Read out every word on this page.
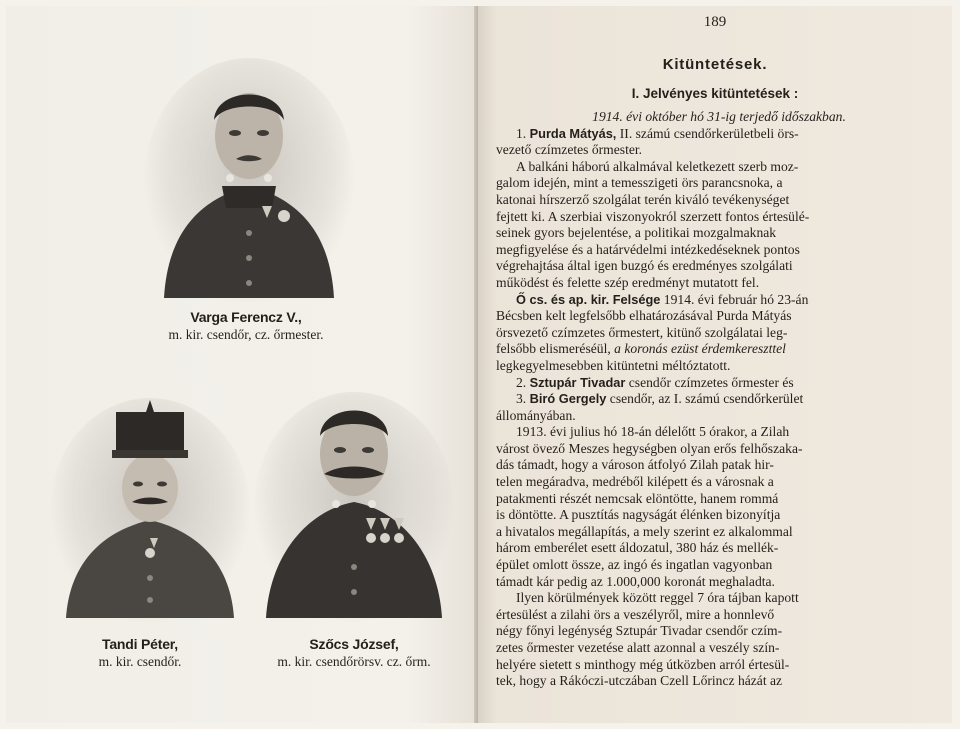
Varga Ferencz V.,
m. kir. csendőr, cz. őrmester.
Tandi Péter,
m. kir. csendőr.
Szőcs József,
m. kir. csendőrörsv. cz. őrm.
189
Kitüntetések.
I. Jelvényes kitüntetések :
1914. évi október hó 31-ig terjedő időszakban.
1. Purda Mátyás, II. számú csendőrkerületbeli örs-
vezető czímzetes őrmester.
A balkáni háború alkalmával keletkezett szerb moz-
galom idején, mint a temesszigeti örs parancsnoka, a
katonai hírszerző szolgálat terén kiváló tevékenységet
fejtett ki. A szerbiai viszonyokról szerzett fontos értesülé-
seinek gyors bejelentése, a politikai mozgalmaknak
megfigyelése és a határvédelmi intézkedéseknek pontos
végrehajtása által igen buzgó és eredményes szolgálati
működést és felette szép eredményt mutatott fel.
Ő cs. és ap. kir. Felsége 1914. évi február hó 23-án
Bécsben kelt legfelsőbb elhatározásával Purda Mátyás
örsvezető czímzetes őrmestert, kitünő szolgálatai leg-
felsőbb elismeréséül, a koronás ezüst érdemkereszttel
legkegyelmesebben kitüntetni méltóztatott.
2. Sztupár Tivadar csendőr czímzetes őrmester és
3. Biró Gergely csendőr, az I. számú csendőrkerület
állományában.
1913. évi julius hó 18-án délelőtt 5 órakor, a Zilah
várost övező Meszes hegységben olyan erős felhőszaka-
dás támadt, hogy a városon átfolyó Zilah patak hir-
telen megáradva, medréből kilépett és a városnak a
patakmenti részét nemcsak elöntötte, hanem rommá
is döntötte. A pusztítás nagyságát élénken bizonyítja
a hivatalos megállapítás, a mely szerint ez alkalommal
három emberélet esett áldozatul, 380 ház és mellék-
épület omlott össze, az ingó és ingatlan vagyonban
támadt kár pedig az 1.000,000 koronát meghaladta.
Ilyen körülmények között reggel 7 óra tájban kapott
értesülést a zilahi örs a veszélyről, mire a honnlevő
négy főnyi legénység Sztupár Tivadar csendőr czím-
zetes őrmester vezetése alatt azonnal a veszély szín-
helyére sietett s minthogy még útközben arról értesül-
tek, hogy a Rákóczi-utczában Czell Lőrincz házát az
